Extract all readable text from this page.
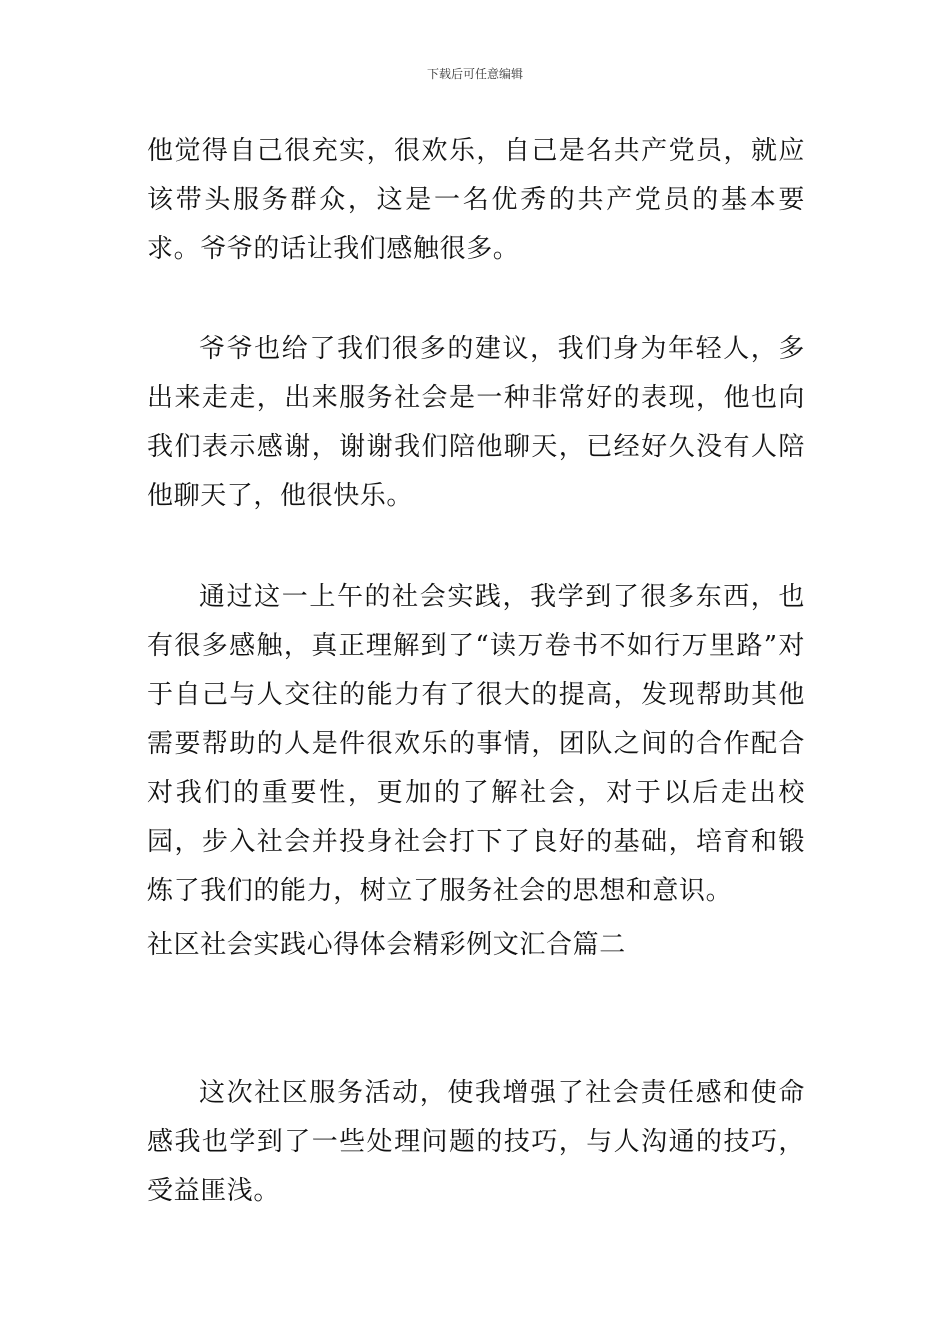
下载后可任意编辑

他觉得自己很充实，很欢乐，自己是名共产党员，就应该带头服务群众，这是一名优秀的共产党员的基本要求。爷爷的话让我们感触很多。

爷爷也给了我们很多的建议，我们身为年轻人，多出来走走，出来服务社会是一种非常好的表现，他也向我们表示感谢，谢谢我们陪他聊天，已经好久没有人陪他聊天了，他很快乐。

通过这一上午的社会实践，我学到了很多东西，也有很多感触，真正理解到了“读万卷书不如行万里路”对于自己与人交往的能力有了很大的提高，发现帮助其他需要帮助的人是件很欢乐的事情，团队之间的合作配合对我们的重要性，更加的了解社会，对于以后走出校园，步入社会并投身社会打下了良好的基础，培育和锻炼了我们的能力，树立了服务社会的思想和意识。

社区社会实践心得体会精彩例文汇合篇二

这次社区服务活动，使我增强了社会责任感和使命感我也学到了一些处理问题的技巧，与人沟通的技巧，受益匪浅。
